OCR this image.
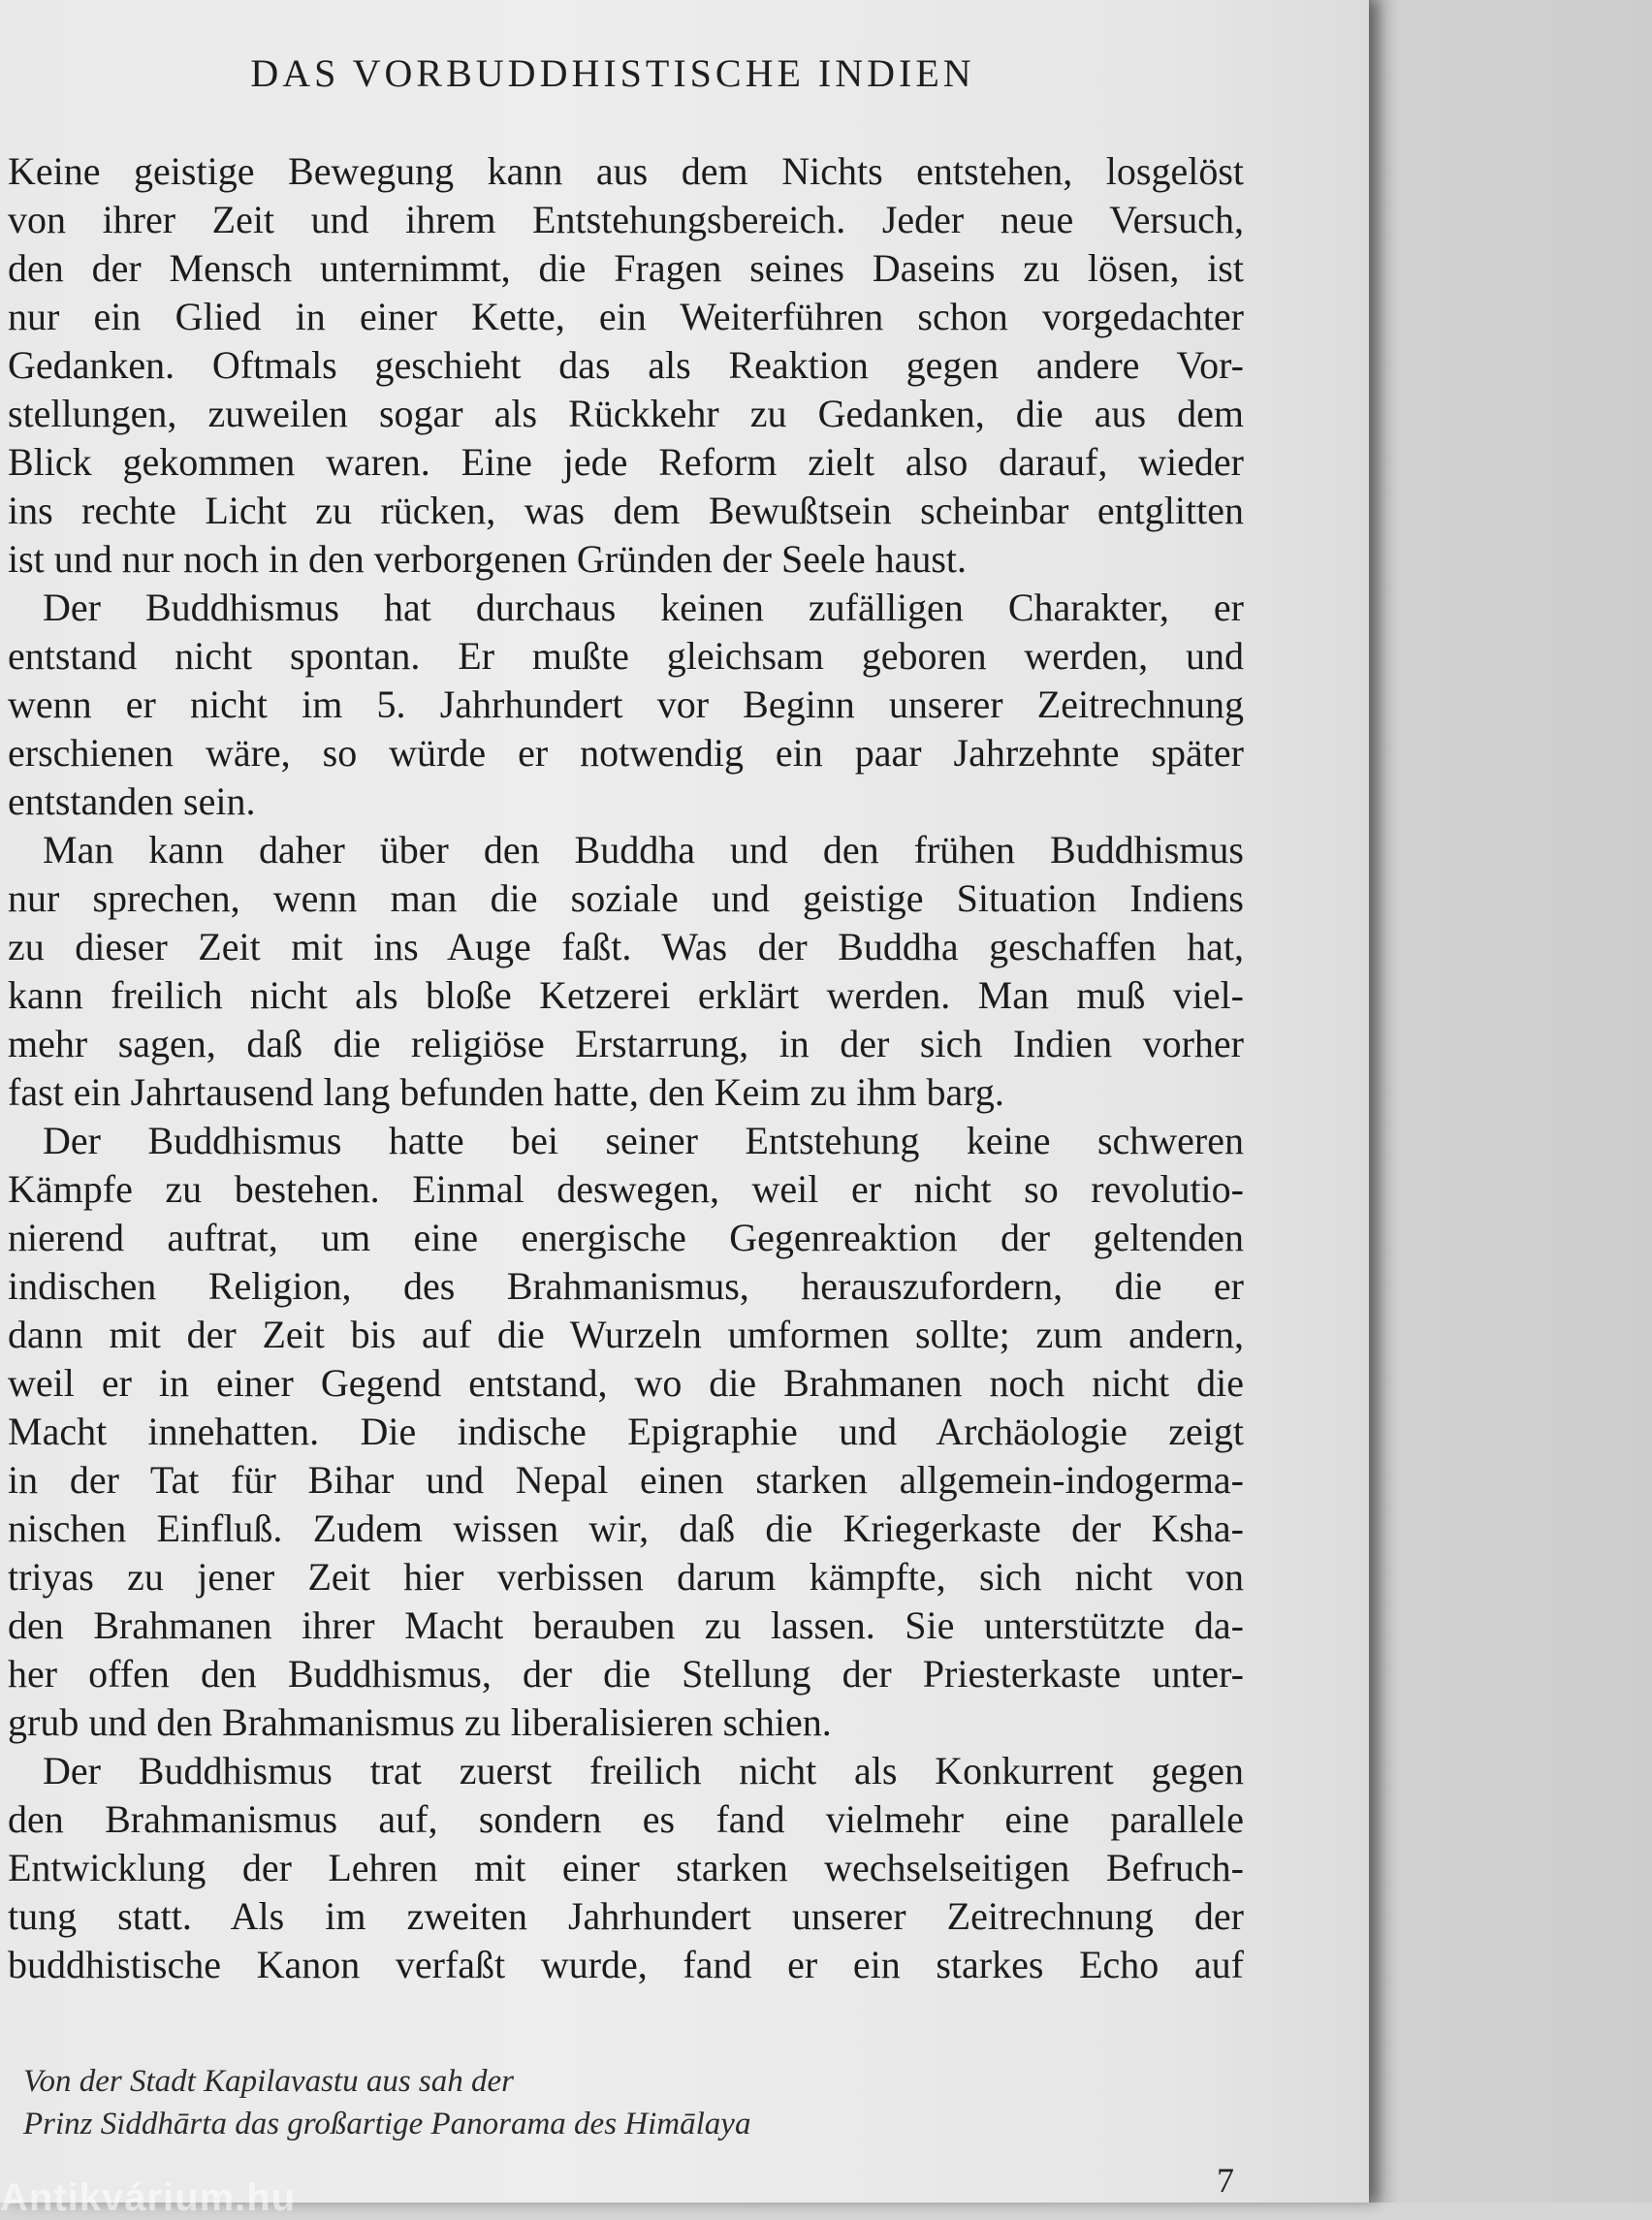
DAS VORBUDDHISTISCHE INDIEN
Keine geistige Bewegung kann aus dem Nichts entstehen, losgelöst
von ihrer Zeit und ihrem Entstehungsbereich. Jeder neue Versuch,
den der Mensch unternimmt, die Fragen seines Daseins zu lösen, ist
nur ein Glied in einer Kette, ein Weiterführen schon vorgedachter
Gedanken. Oftmals geschieht das als Reaktion gegen andere Vor-
stellungen, zuweilen sogar als Rückkehr zu Gedanken, die aus dem
Blick gekommen waren. Eine jede Reform zielt also darauf, wieder
ins rechte Licht zu rücken, was dem Bewußtsein scheinbar entglitten
ist und nur noch in den verborgenen Gründen der Seele haust.
Der Buddhismus hat durchaus keinen zufälligen Charakter, er
entstand nicht spontan. Er mußte gleichsam geboren werden, und
wenn er nicht im 5. Jahrhundert vor Beginn unserer Zeitrechnung
erschienen wäre, so würde er notwendig ein paar Jahrzehnte später
entstanden sein.
Man kann daher über den Buddha und den frühen Buddhismus
nur sprechen, wenn man die soziale und geistige Situation Indiens
zu dieser Zeit mit ins Auge faßt. Was der Buddha geschaffen hat,
kann freilich nicht als bloße Ketzerei erklärt werden. Man muß viel-
mehr sagen, daß die religiöse Erstarrung, in der sich Indien vorher
fast ein Jahrtausend lang befunden hatte, den Keim zu ihm barg.
Der Buddhismus hatte bei seiner Entstehung keine schweren
Kämpfe zu bestehen. Einmal deswegen, weil er nicht so revolutio-
nierend auftrat, um eine energische Gegenreaktion der geltenden
indischen Religion, des Brahmanismus, herauszufordern, die er
dann mit der Zeit bis auf die Wurzeln umformen sollte; zum andern,
weil er in einer Gegend entstand, wo die Brahmanen noch nicht die
Macht innehatten. Die indische Epigraphie und Archäologie zeigt
in der Tat für Bihar und Nepal einen starken allgemein-indogerma-
nischen Einfluß. Zudem wissen wir, daß die Kriegerkaste der Ksha-
triyas zu jener Zeit hier verbissen darum kämpfte, sich nicht von
den Brahmanen ihrer Macht berauben zu lassen. Sie unterstützte da-
her offen den Buddhismus, der die Stellung der Priesterkaste unter-
grub und den Brahmanismus zu liberalisieren schien.
Der Buddhismus trat zuerst freilich nicht als Konkurrent gegen
den Brahmanismus auf, sondern es fand vielmehr eine parallele
Entwicklung der Lehren mit einer starken wechselseitigen Befruch-
tung statt. Als im zweiten Jahrhundert unserer Zeitrechnung der
buddhistische Kanon verfaßt wurde, fand er ein starkes Echo auf
Von der Stadt Kapilavastu aus sah der
Prinz Siddhārta das großartige Panorama des Himālaya
7
Antikvárium.hu
